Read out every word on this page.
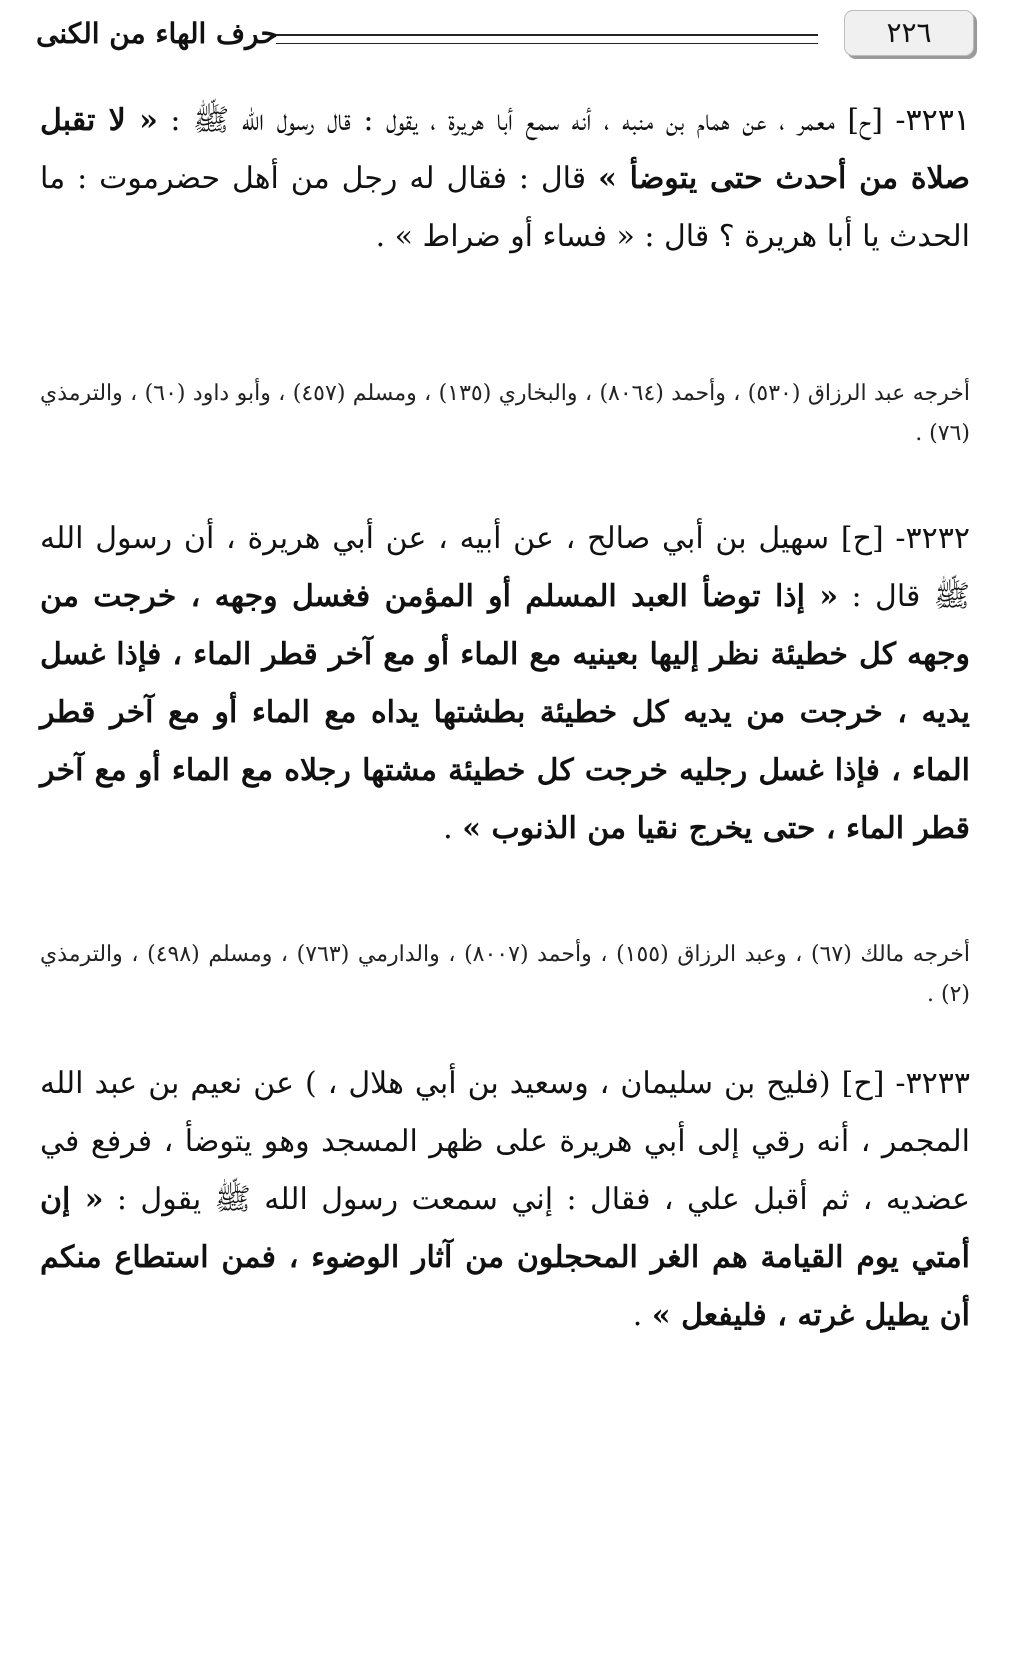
٢٢٦
حرف الهاء من الكنى
٣٢٣١- [ح] معمر ، عن همام بن منبه ، أنه سمع أبا هريرة ، يقول : قال رسول الله ﷺ : « لا تقبل صلاة من أحدث حتى يتوضأ » قال : فقال له رجل من أهل حضرموت : ما الحدث يا أبا هريرة ؟ قال : « فساء أو ضراط » .
أخرجه عبد الرزاق (٥٣٠) ، وأحمد (٨٠٦٤) ، والبخاري (١٣٥) ، ومسلم (٤٥٧) ، وأبو داود (٦٠) ، والترمذي (٧٦) .
٣٢٣٢- [ح] سهيل بن أبي صالح ، عن أبيه ، عن أبي هريرة ، أن رسول الله ﷺ قال : « إذا توضأ العبد المسلم أو المؤمن فغسل وجهه ، خرجت من وجهه كل خطيئة نظر إليها بعينيه مع الماء أو مع آخر قطر الماء ، فإذا غسل يديه ، خرجت من يديه كل خطيئة بطشتها يداه مع الماء أو مع آخر قطر الماء ، فإذا غسل رجليه خرجت كل خطيئة مشتها رجلاه مع الماء أو مع آخر قطر الماء ، حتى يخرج نقيا من الذنوب » .
أخرجه مالك (٦٧) ، وعبد الرزاق (١٥٥) ، وأحمد (٨٠٠٧) ، والدارمي (٧٦٣) ، ومسلم (٤٩٨) ، والترمذي (٢) .
٣٢٣٣- [ح] (فليح بن سليمان ، وسعيد بن أبي هلال ، ) عن نعيم بن عبد الله المجمر ، أنه رقي إلى أبي هريرة على ظهر المسجد وهو يتوضأ ، فرفع في عضديه ، ثم أقبل علي ، فقال : إني سمعت رسول الله ﷺ يقول : « إن أمتي يوم القيامة هم الغر المحجلون من آثار الوضوء ، فمن استطاع منكم أن يطيل غرته ، فليفعل » .
